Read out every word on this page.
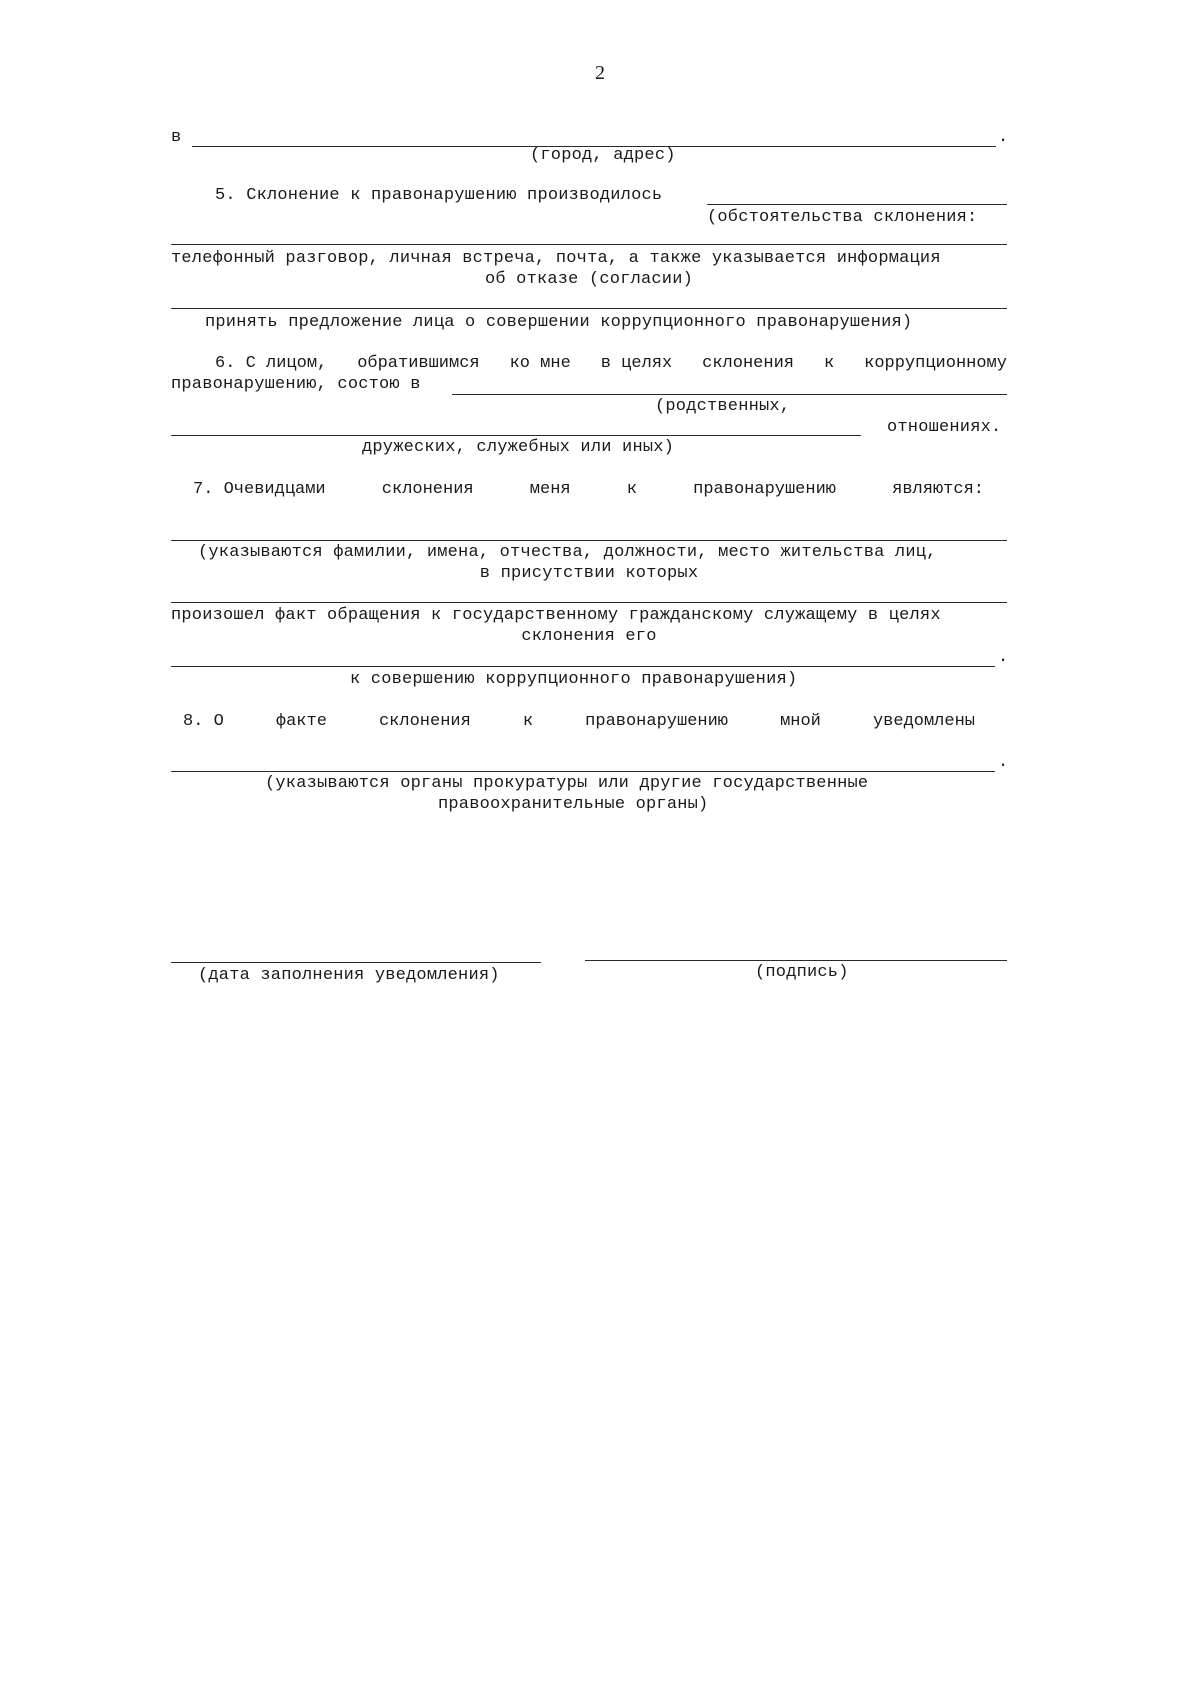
2
в	.
(город, адрес)
5. Склонение к правонарушению производилось
(обстоятельства склонения:
телефонный разговор, личная встреча, почта, а также указывается информация
об отказе (согласии)
принять предложение лица о совершении коррупционного правонарушения)
6. С лицом, обратившимся ко мне в целях склонения к коррупционному
правонарушению, состою в
(родственных,
отношениях.
дружеских, служебных или иных)
7. Очевидцами	склонения	меня	к	правонарушению	являются:
(указываются фамилии, имена, отчества, должности, место жительства лиц,
в присутствии которых
произошел факт обращения к государственному гражданскому служащему в целях
склонения его
.
к совершению коррупционного правонарушения)
8. О	факте	склонения	к	правонарушению	мной	уведомлены
.
(указываются органы прокуратуры или другие государственные
правоохранительные органы)
(дата заполнения уведомления)	(подпись)
